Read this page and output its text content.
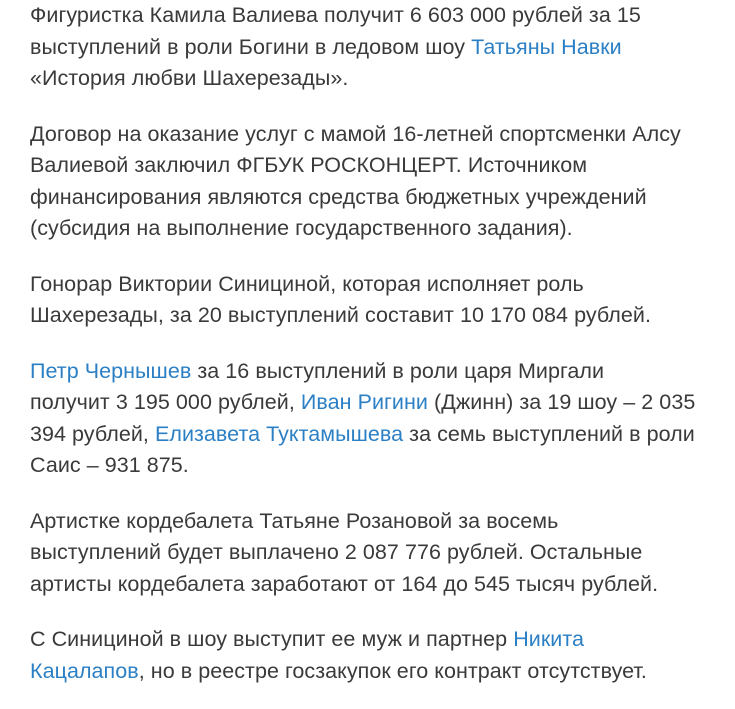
Фигуристка Камила Валиева получит 6 603 000 рублей за 15
выступлений в роли Богини в ледовом шоу Татьяны Навки
«История любви Шахерезады».

Договор на оказание услуг с мамой 16-летней спортсменки Алсу
Валиевой заключил ФГБУК РОСКОНЦЕРТ. Источником
финансирования являются средства бюджетных учреждений
(субсидия на выполнение государственного задания).

Гонорар Виктории Синициной, которая исполняет роль
Шахерезады, за 20 выступлений составит 10 170 084 рублей.

Петр Чернышев за 16 выступлений в роли царя Миргали
получит 3 195 000 рублей, Иван Ригини (Джинн) за 19 шоу – 2 035
394 рублей, Елизавета Туктамышева за семь выступлений в роли
Саис – 931 875.

Артистке кордебалета Татьяне Розановой за восемь
выступлений будет выплачено 2 087 776 рублей. Остальные
артисты кордебалета заработают от 164 до 545 тысяч рублей.

С Синициной в шоу выступит ее муж и партнер Никита
Кацалапов, но в реестре госзакупок его контракт отсутствует.
